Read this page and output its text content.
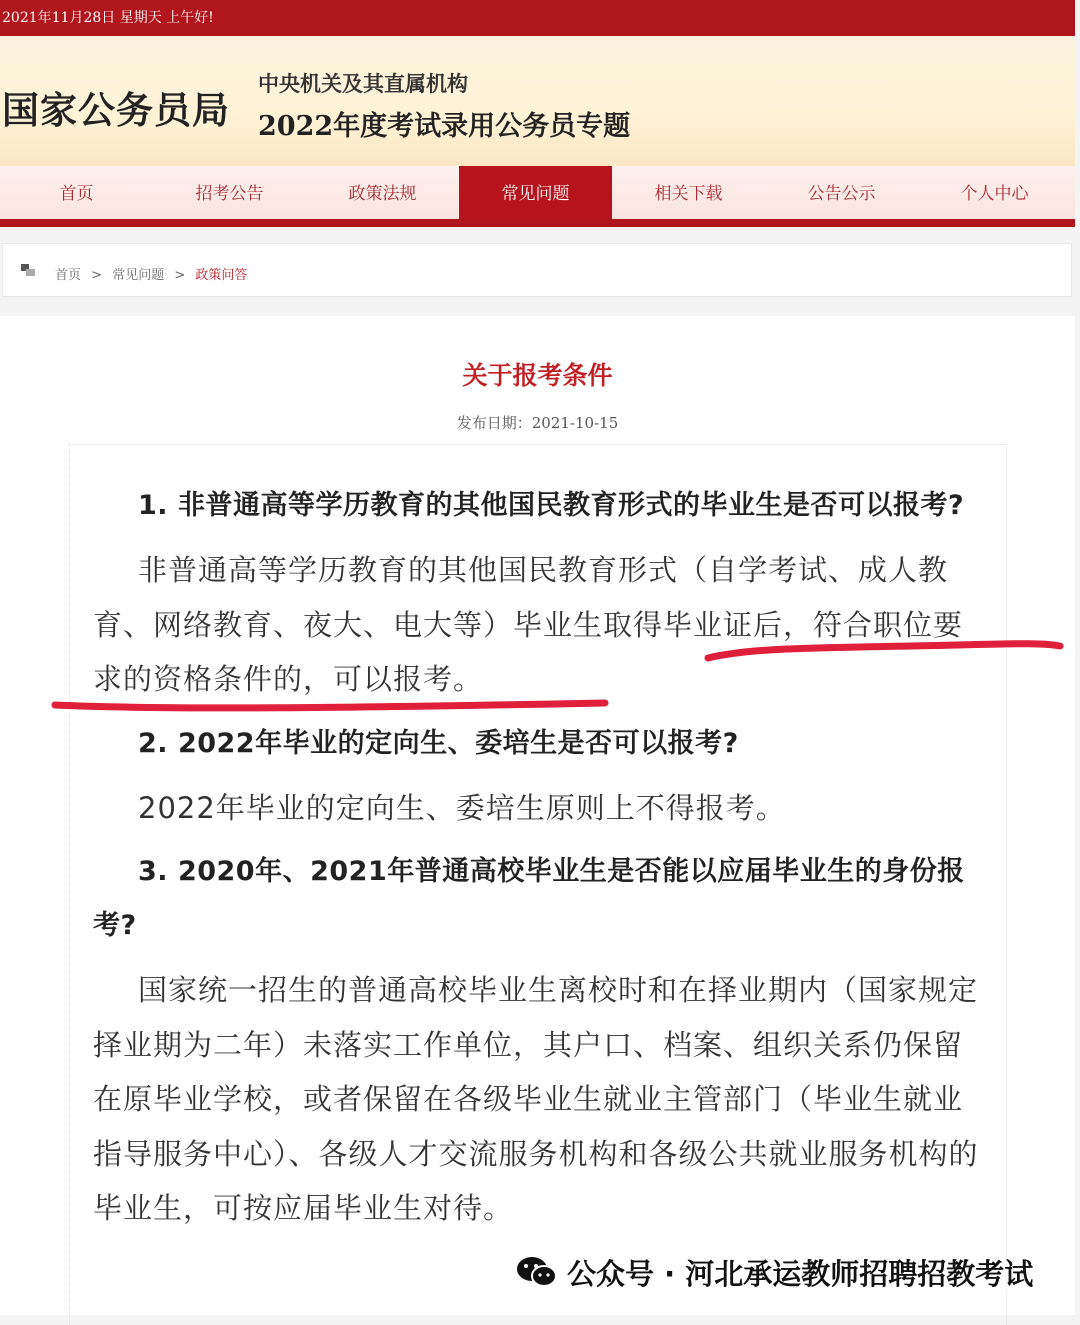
2021年11月28日 星期天 上午好!
国家公务员局
中央机关及其直属机构
2022年度考试录用公务员专题
首页	招考公告	政策法规	常见问题	相关下载	公告公示	个人中心
首页 > 常见问题 > 政策问答
关于报考条件
发布日期：2021-10-15

1. 非普通高等学历教育的其他国民教育形式的毕业生是否可以报考?

非普通高等学历教育的其他国民教育形式（自学考试、成人教育、网络教育、夜大、电大等）毕业生取得毕业证后，符合职位要求的资格条件的，可以报考。

2. 2022年毕业的定向生、委培生是否可以报考?

2022年毕业的定向生、委培生原则上不得报考。

3. 2020年、2021年普通高校毕业生是否能以应届毕业生的身份报考?

国家统一招生的普通高校毕业生离校时和在择业期内（国家规定择业期为二年）未落实工作单位，其户口、档案、组织关系仍保留在原毕业学校，或者保留在各级毕业生就业主管部门（毕业生就业指导服务中心）、各级人才交流服务机构和各级公共就业服务机构的毕业生，可按应届毕业生对待。

公众号 · 河北承运教师招聘招教考试
